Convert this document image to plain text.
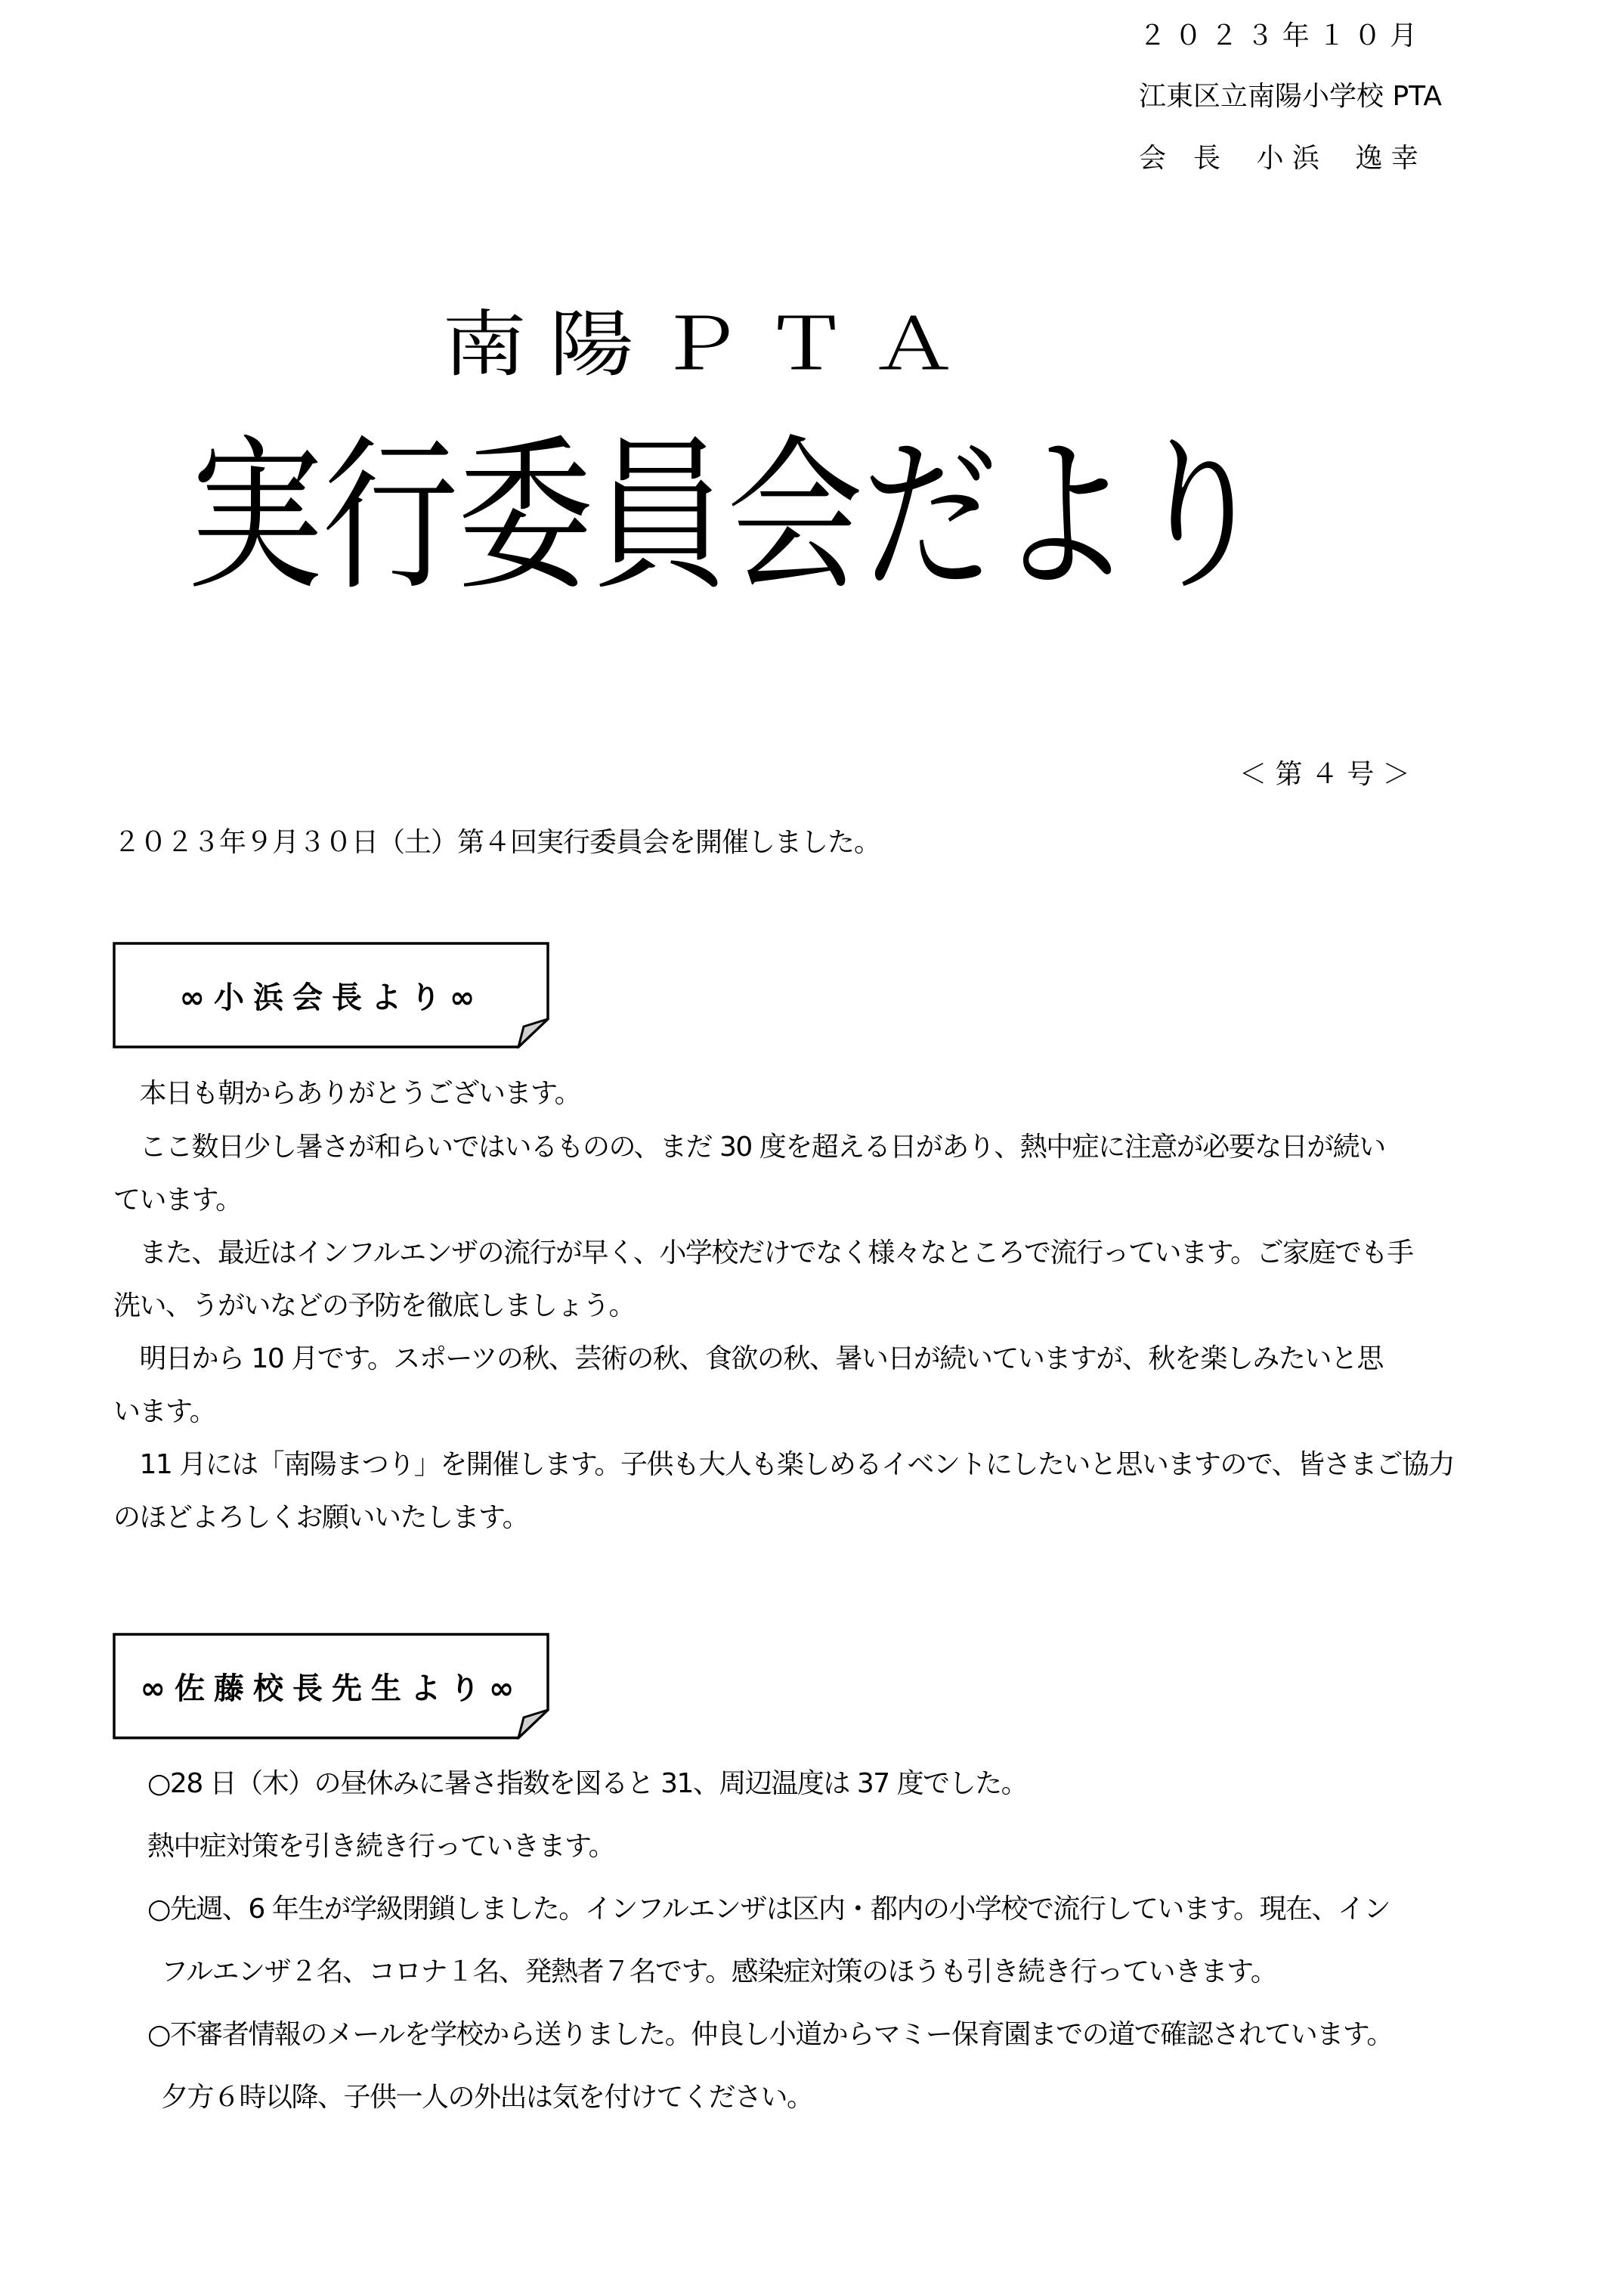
２ ０ ２ ３ 年 １ ０ 月
江東区立南陽小学校 PTA
会　長　 小 浜　 逸 幸
南陽ＰＴＡ
実行委員会だより
＜ 第 ４ 号 ＞
２０２３年９月３０日（土）第４回実行委員会を開催しました。
∞小浜会長より∞
　本日も朝からありがとうございます。
　ここ数日少し暑さが和らいではいるものの、まだ 30 度を超える日があり、熱中症に注意が必要な日が続い
ています。
　また、最近はインフルエンザの流行が早く、小学校だけでなく様々なところで流行っています。ご家庭でも手
洗い、うがいなどの予防を徹底しましょう。
　明日から 10 月です。スポーツの秋、芸術の秋、食欲の秋、暑い日が続いていますが、秋を楽しみたいと思
います。
　11 月には「南陽まつり」を開催します。子供も大人も楽しめるイベントにしたいと思いますので、皆さまご協力
のほどよろしくお願いいたします。
∞佐藤校長先生より∞
○28 日（木）の昼休みに暑さ指数を図ると 31、周辺温度は 37 度でした。
熱中症対策を引き続き行っていきます。
○先週、6 年生が学級閉鎖しました。インフルエンザは区内・都内の小学校で流行しています。現在、イン
フルエンザ２名、コロナ１名、発熱者７名です。感染症対策のほうも引き続き行っていきます。
○不審者情報のメールを学校から送りました。仲良し小道からマミー保育園までの道で確認されています。
夕方６時以降、子供一人の外出は気を付けてください。
